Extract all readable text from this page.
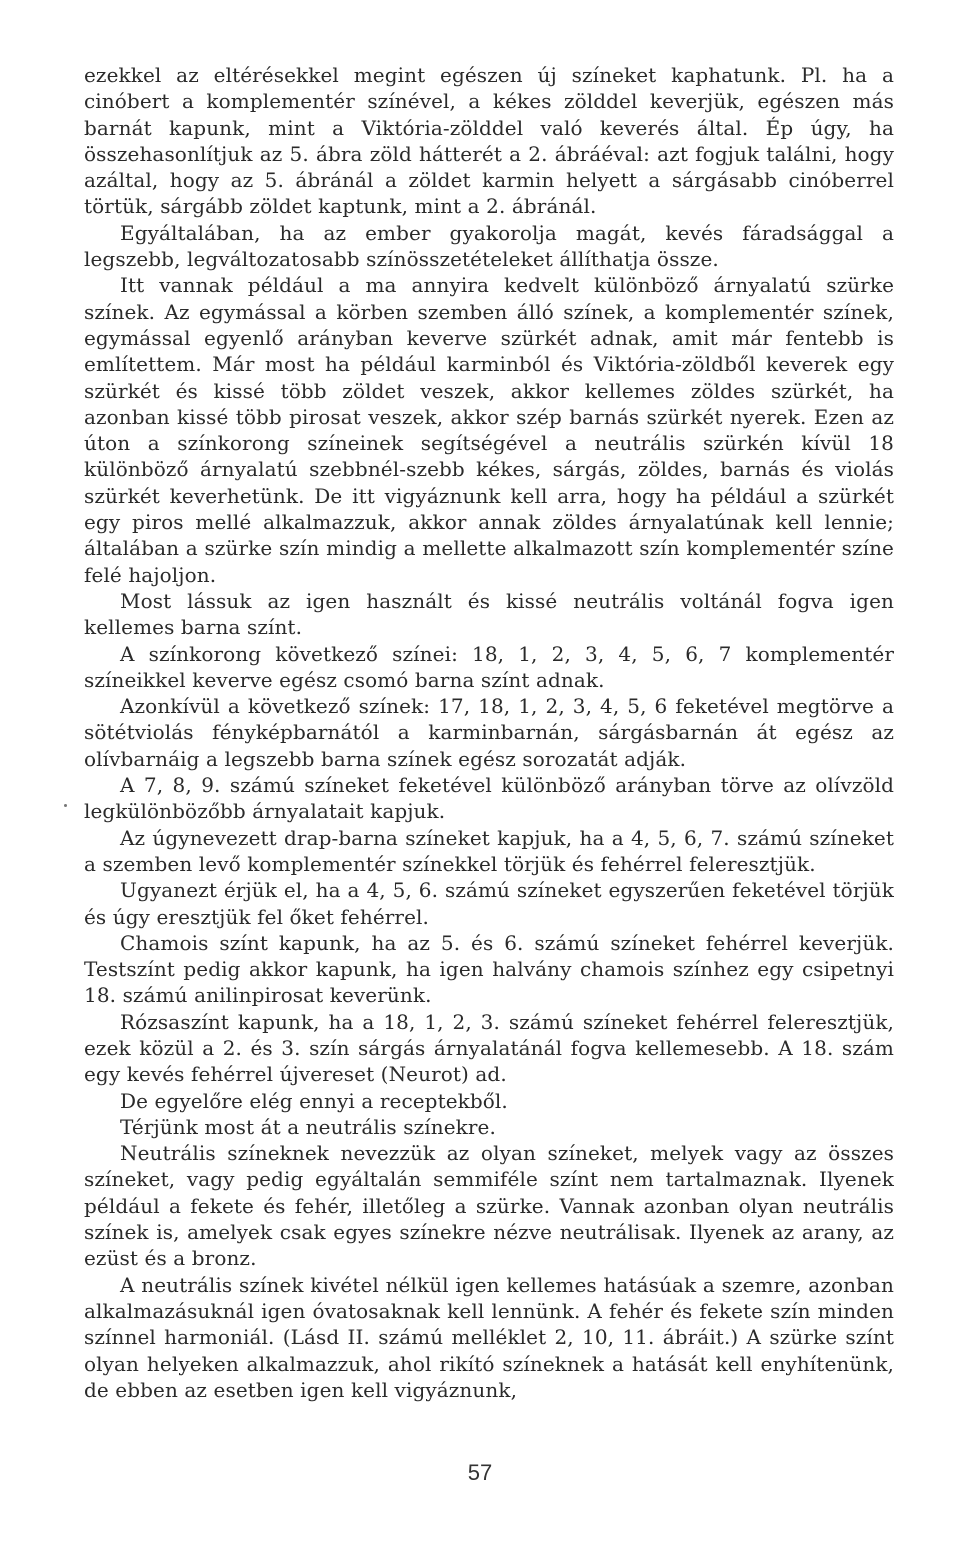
ezekkel az eltérésekkel megint egészen új színeket kaphatunk. Pl. ha a cinóbert a komplementér színével, a kékes zölddel keverjük, egészen más barnát kapunk, mint a Viktória-zölddel való keverés által. Ép úgy, ha összehasonlítjuk az 5. ábra zöld hátterét a 2. ábráéval: azt fogjuk találni, hogy azáltal, hogy az 5. ábránál a zöldet karmin helyett a sárgásabb cinóberrel törtük, sárgább zöldet kaptunk, mint a 2. ábránál.

Egyáltalában, ha az ember gyakorolja magát, kevés fáradsággal a legszebb, legváltozatosabb színösszetételeket állíthatja össze.

Itt vannak például a ma annyira kedvelt különböző árnyalatú szürke színek. Az egymással a körben szemben álló színek, a komplementér színek, egymással egyenlő arányban keverve szürkét adnak, amit már fentebb is említettem. Már most ha például karminból és Viktória-zöldből keverek egy szürkét és kissé több zöldet veszek, akkor kellemes zöldes szürkét, ha azonban kissé több pirosat veszek, akkor szép barnás szürkét nyerek. Ezen az úton a színkorong színeinek segítségével a neutrális szürkén kívül 18 különböző árnyalatú szebbnél-szebb kékes, sárgás, zöldes, barnás és violás szürkét keverhetünk. De itt vigyáznunk kell arra, hogy ha például a szürkét egy piros mellé alkalmazzuk, akkor annak zöldes árnyalatúnak kell lennie; általában a szürke szín mindig a mellette alkalmazott szín komplementér színe felé hajoljon.

Most lássuk az igen használt és kissé neutrális voltánál fogva igen kellemes barna színt.

A színkorong következő színei: 18, 1, 2, 3, 4, 5, 6, 7 komplementér színeikkel keverve egész csomó barna színt adnak.

Azonkívül a következő színek: 17, 18, 1, 2, 3, 4, 5, 6 feketével megtörve a sötétviolás fényképbarnától a karminbarnán, sárgásbarnán át egész az olívbarnáig a legszebb barna színek egész sorozatát adják.

A 7, 8, 9. számú színeket feketével különböző arányban törve az olívzöld legkülönbözőbb árnyalatait kapjuk.

Az úgynevezett drap-barna színeket kapjuk, ha a 4, 5, 6, 7. számú színeket a szemben levő komplementér színekkel törjük és fehérrel feleresztjük.

Ugyanezt érjük el, ha a 4, 5, 6. számú színeket egyszerűen feketével törjük és úgy eresztjük fel őket fehérrel.

Chamois színt kapunk, ha az 5. és 6. számú színeket fehérrel keverjük. Testszínt pedig akkor kapunk, ha igen halvány chamois színhez egy csipetnyi 18. számú anilinpirosat keverünk.

Rózsaszínt kapunk, ha a 18, 1, 2, 3. számú színeket fehérrel feleresztjük, ezek közül a 2. és 3. szín sárgás árnyalatánál fogva kellemesebb. A 18. szám egy kevés fehérrel újvereset (Neurot) ad.

De egyelőre elég ennyi a receptekből.

Térjünk most át a neutrális színekre.

Neutrális színeknek nevezzük az olyan színeket, melyek vagy az összes színeket, vagy pedig egyáltalán semmiféle színt nem tartalmaznak. Ilyenek például a fekete és fehér, illetőleg a szürke. Vannak azonban olyan neutrális színek is, amelyek csak egyes színekre nézve neutrálisak. Ilyenek az arany, az ezüst és a bronz.

A neutrális színek kivétel nélkül igen kellemes hatásúak a szemre, azonban alkalmazásuknál igen óvatosaknak kell lennünk. A fehér és fekete szín minden színnel harmoniál. (Lásd II. számú melléklet 2, 10, 11. ábráit.) A szürke színt olyan helyeken alkalmazzuk, ahol rikító színeknek a hatását kell enyhítenünk, de ebben az esetben igen kell vigyáznunk,

57
